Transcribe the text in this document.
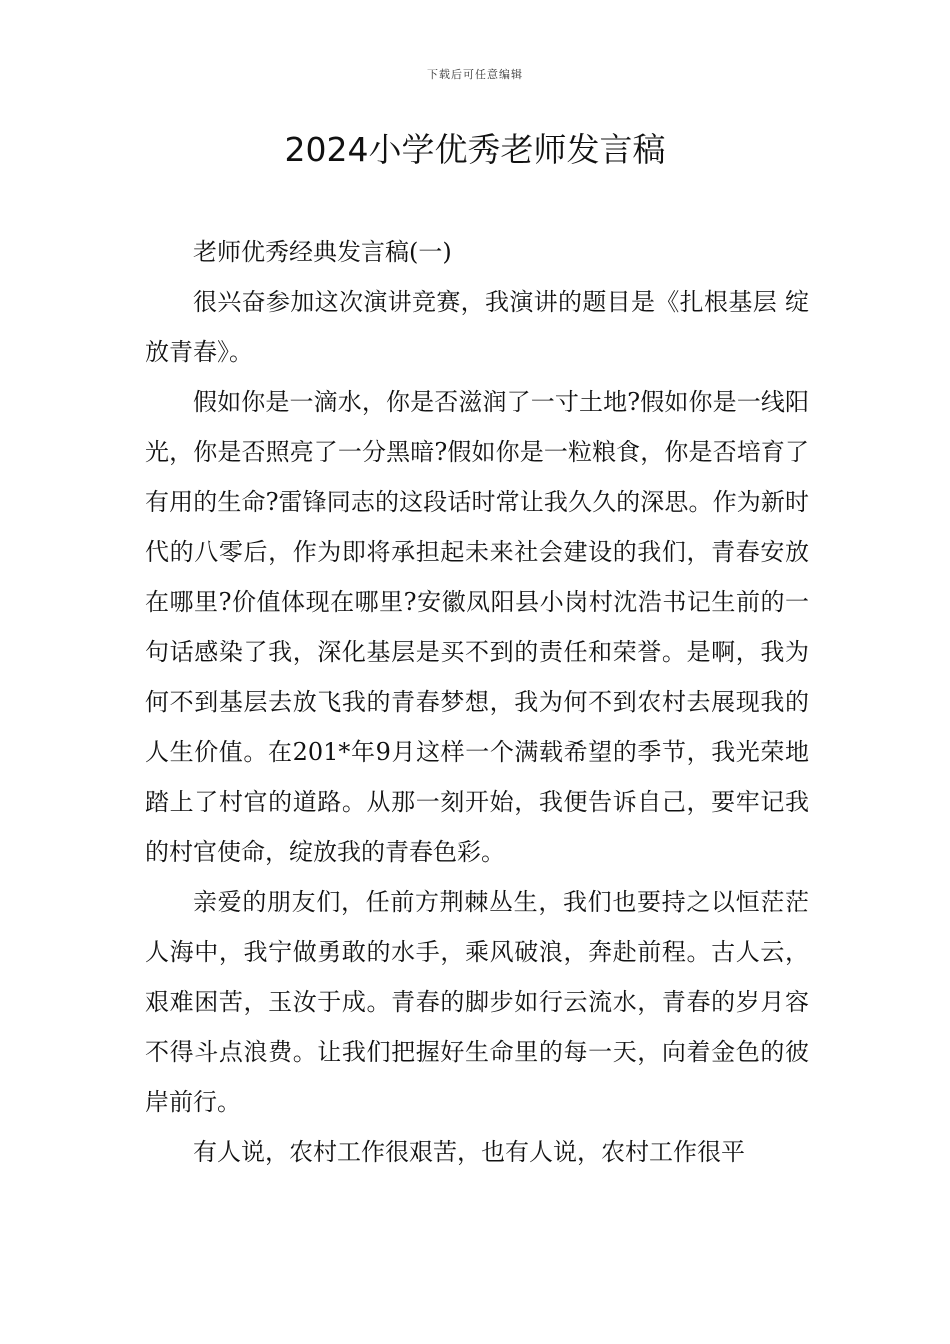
下载后可任意编辑
2024小学优秀老师发言稿

老师优秀经典发言稿(一)

很兴奋参加这次演讲竞赛，我演讲的题目是《扎根基层 绽放青春》。

假如你是一滴水，你是否滋润了一寸土地?假如你是一线阳光，你是否照亮了一分黑暗?假如你是一粒粮食，你是否培育了有用的生命?雷锋同志的这段话时常让我久久的深思。作为新时代的八零后，作为即将承担起未来社会建设的我们，青春安放在哪里?价值体现在哪里?安徽凤阳县小岗村沈浩书记生前的一句话感染了我，深化基层是买不到的责任和荣誉。是啊，我为何不到基层去放飞我的青春梦想，我为何不到农村去展现我的人生价值。在201*年9月这样一个满载希望的季节，我光荣地踏上了村官的道路。从那一刻开始，我便告诉自己，要牢记我的村官使命，绽放我的青春色彩。

亲爱的朋友们，任前方荆棘丛生，我们也要持之以恒茫茫人海中，我宁做勇敢的水手，乘风破浪，奔赴前程。古人云，艰难困苦，玉汝于成。青春的脚步如行云流水，青春的岁月容不得斗点浪费。让我们把握好生命里的每一天，向着金色的彼岸前行。

有人说，农村工作很艰苦，也有人说，农村工作很平
